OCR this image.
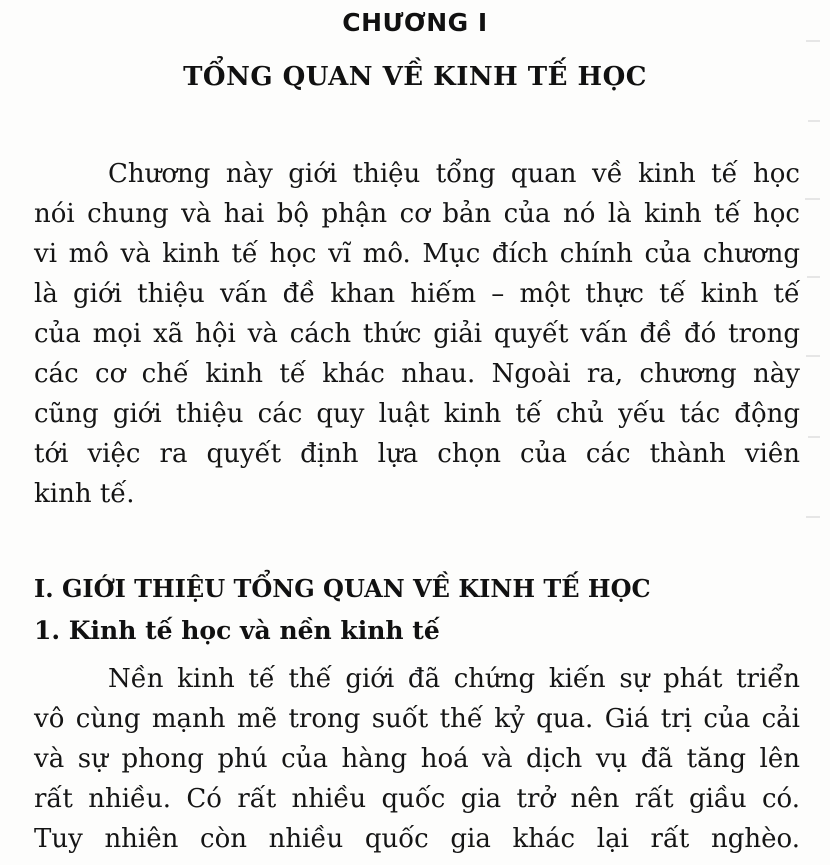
CHƯƠNG I
TỔNG QUAN VỀ KINH TẾ HỌC
Chương này giới thiệu tổng quan về kinh tế học
nói chung và hai bộ phận cơ bản của nó là kinh tế học
vi mô và kinh tế học vĩ mô. Mục đích chính của chương
là giới thiệu vấn đề khan hiếm – một thực tế kinh tế
của mọi xã hội và cách thức giải quyết vấn đề đó trong
các cơ chế kinh tế khác nhau. Ngoài ra, chương này
cũng giới thiệu các quy luật kinh tế chủ yếu tác động
tới việc ra quyết định lựa chọn của các thành viên
kinh tế.
I. GIỚI THIỆU TỔNG QUAN VỀ KINH TẾ HỌC
1. Kinh tế học và nền kinh tế
Nền kinh tế thế giới đã chứng kiến sự phát triển
vô cùng mạnh mẽ trong suốt thế kỷ qua. Giá trị của cải
và sự phong phú của hàng hoá và dịch vụ đã tăng lên
rất nhiều. Có rất nhiều quốc gia trở nên rất giầu có.
Tuy nhiên còn nhiều quốc gia khác lại rất nghèo.
